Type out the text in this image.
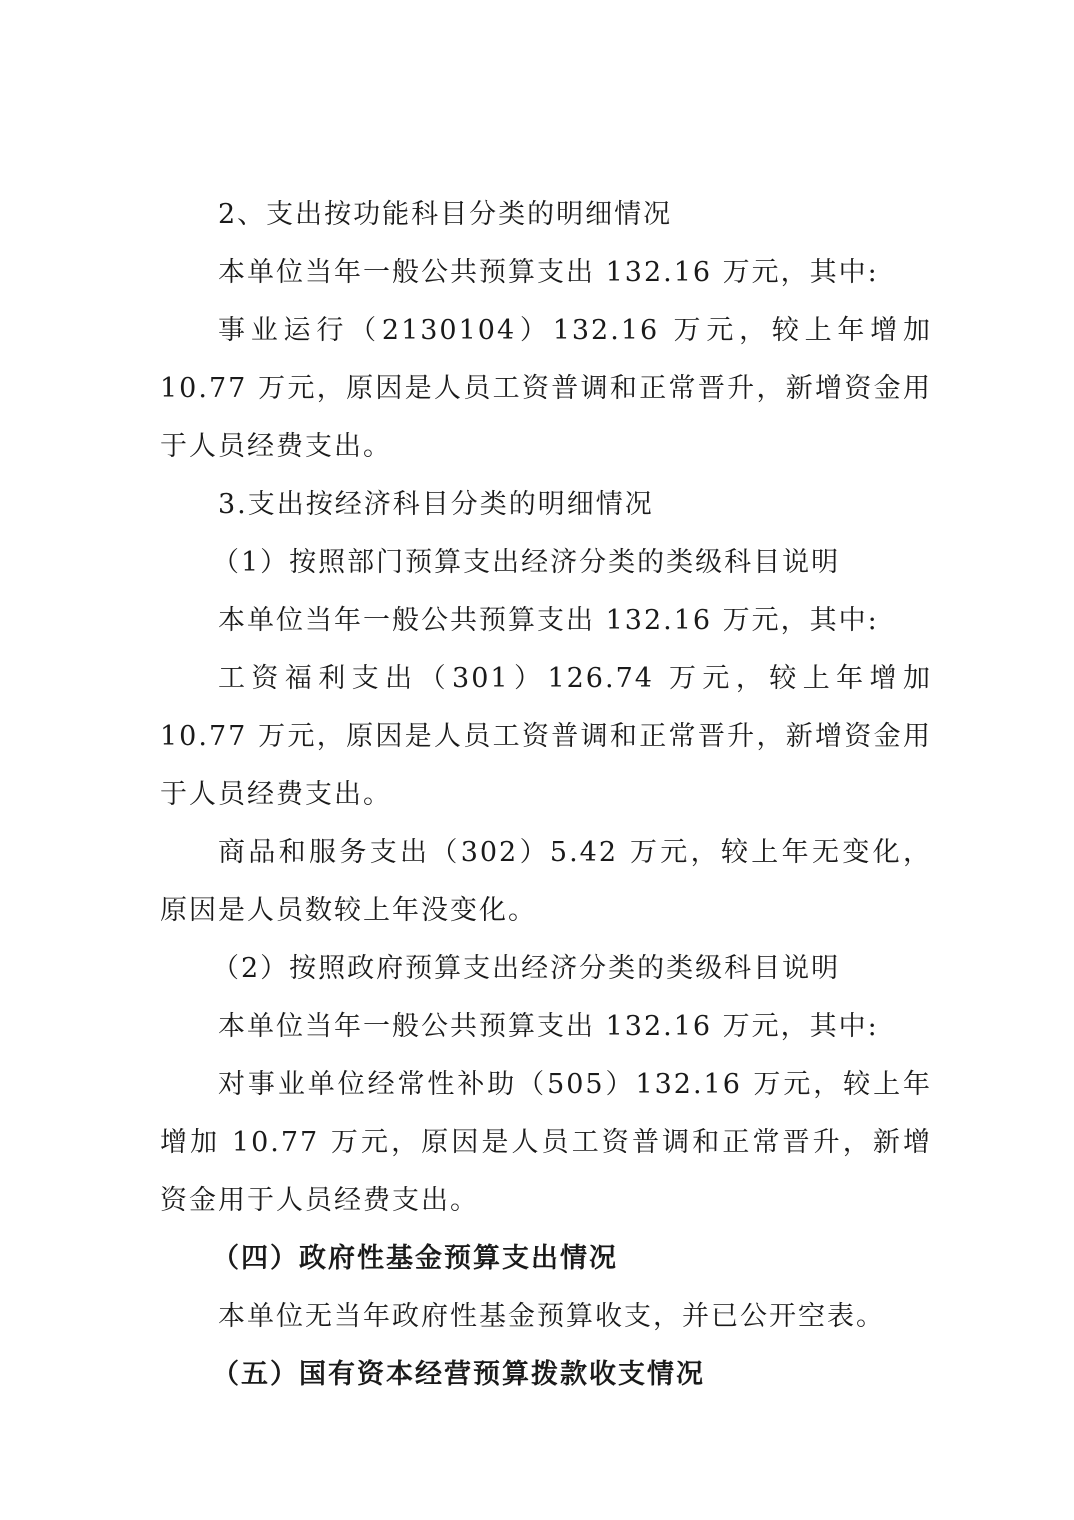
2、支出按功能科目分类的明细情况

本单位当年一般公共预算支出 132.16 万元，其中:

事业运行（2130104）132.16 万元，较上年增加 10.77 万元，原因是人员工资普调和正常晋升，新增资金用于人员经费支出。

3.支出按经济科目分类的明细情况

（1）按照部门预算支出经济分类的类级科目说明

本单位当年一般公共预算支出 132.16 万元，其中:

工资福利支出（301）126.74 万元，较上年增加 10.77 万元，原因是人员工资普调和正常晋升，新增资金用于人员经费支出。

商品和服务支出（302）5.42 万元，较上年无变化，原因是人员数较上年没变化。

（2）按照政府预算支出经济分类的类级科目说明

本单位当年一般公共预算支出 132.16 万元，其中:

对事业单位经常性补助（505）132.16 万元，较上年增加 10.77 万元，原因是人员工资普调和正常晋升，新增资金用于人员经费支出。

（四）政府性基金预算支出情况

本单位无当年政府性基金预算收支，并已公开空表。

（五）国有资本经营预算拨款收支情况
